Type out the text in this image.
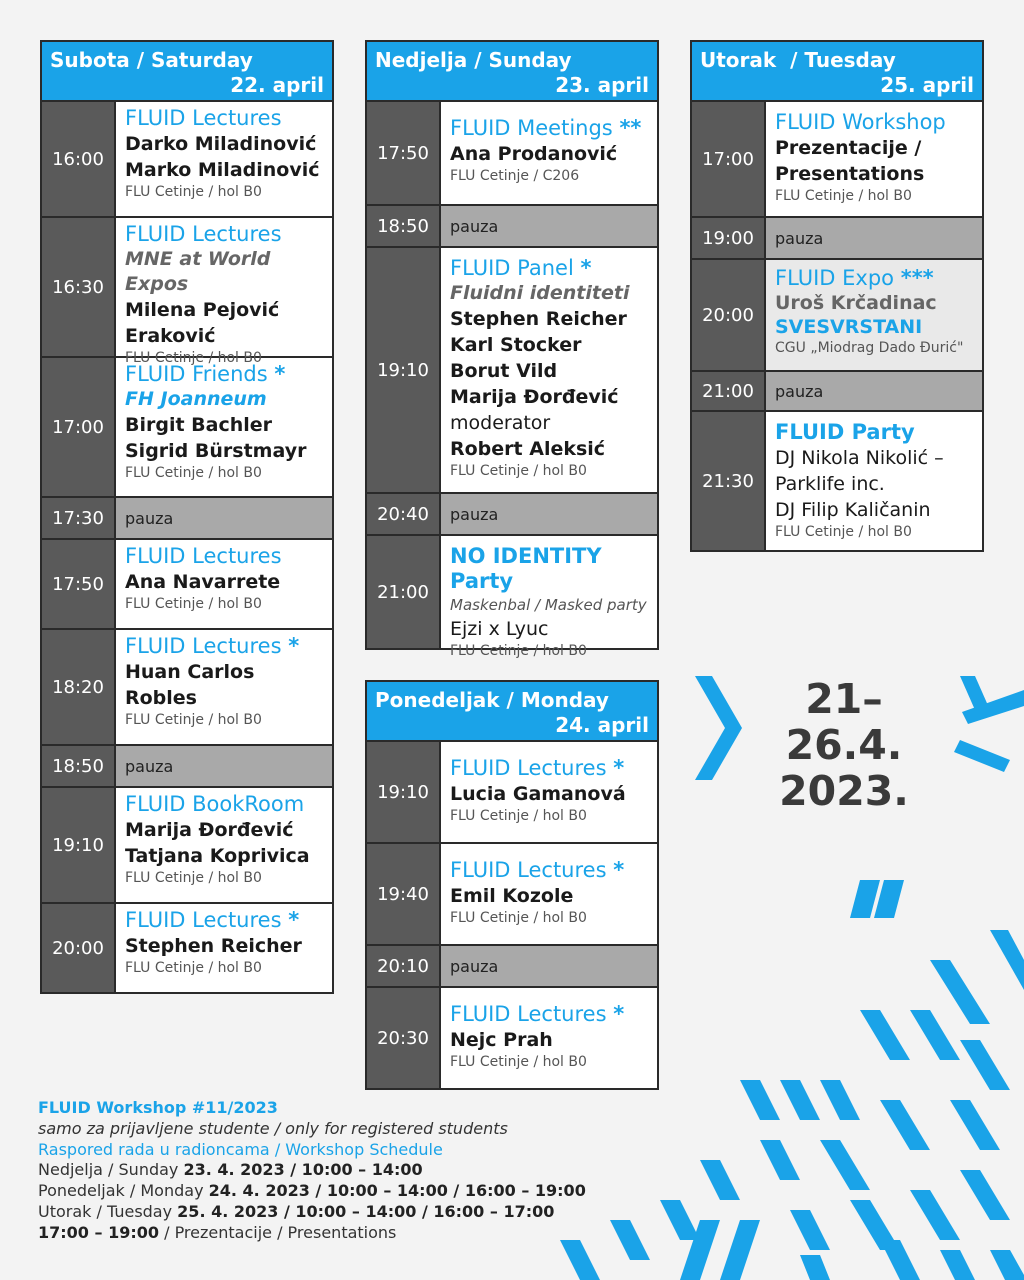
Subota / Saturday
22. april
16:00
FLUID Lectures
Darko Miladinović
Marko Miladinović
FLU Cetinje / hol B0
16:30
FLUID Lectures
MNE at World Expos
Milena Pejović
Eraković
FLU Cetinje / hol B0
17:00
FLUID Friends *
FH Joanneum
Birgit Bachler
Sigrid Bürstmayr
FLU Cetinje / hol B0
17:30	pauza
17:50
FLUID Lectures
Ana Navarrete
FLU Cetinje / hol B0
18:20
FLUID Lectures *
Huan Carlos
Robles
FLU Cetinje / hol B0
18:50	pauza
19:10
FLUID BookRoom
Marija Đorđević
Tatjana Koprivica
FLU Cetinje / hol B0
20:00
FLUID Lectures *
Stephen Reicher
FLU Cetinje / hol B0
Nedjelja / Sunday
23. april
17:50
FLUID Meetings **
Ana Prodanović
FLU Cetinje / C206
18:50	pauza
19:10
FLUID Panel *
Fluidni identiteti
Stephen Reicher
Karl Stocker
Borut Vild
Marija Đorđević
moderator
Robert Aleksić
FLU Cetinje / hol B0
20:40	pauza
21:00
NO IDENTITY Party
Maskenbal / Masked party
Ejzi x Lyuc
FLU Cetinje / hol B0
Ponedeljak / Monday
24. april
19:10
FLUID Lectures *
Lucia Gamanová
FLU Cetinje / hol B0
19:40
FLUID Lectures *
Emil Kozole
FLU Cetinje / hol B0
20:10	pauza
20:30
FLUID Lectures *
Nejc Prah
FLU Cetinje / hol B0
Utorak  / Tuesday
25. april
17:00
FLUID Workshop
Prezentacije /
Presentations
FLU Cetinje / hol B0
19:00	pauza
20:00
FLUID Expo ***
Uroš Krčadinac
SVESVRSTANI
CGU „Miodrag Dado Đurić"
21:00	pauza
21:30
FLUID Party
DJ Nikola Nikolić –
Parklife inc.
DJ Filip Kaličanin
FLU Cetinje / hol B0
21–26.4.
2023.
FLUID Workshop #11/2023
samo za prijavljene studente / only for registered students
Raspored rada u radioncama / Workshop Schedule
Nedjelja / Sunday 23. 4. 2023 / 10:00 – 14:00
Ponedeljak / Monday 24. 4. 2023 / 10:00 – 14:00 / 16:00 – 19:00
Utorak / Tuesday 25. 4. 2023 / 10:00 – 14:00 / 16:00 – 17:00
17:00 – 19:00 / Prezentacije / Presentations
